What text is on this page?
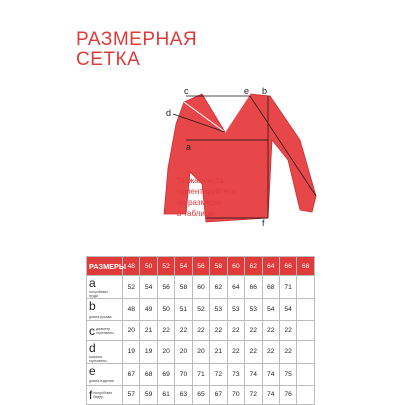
РАЗМЕРНАЯ
СЕТКА
c	e b
d
a
f
*пожалуйста,
ориентируйтесь
на размеры
в таблице
РАЗМЕРЫ	48	50	52	54	56	58	60	62	64	66	68
aполуобхват груди	52	54	56	58	60	62	64	66	68	71	
bдлина рукава	48	49	50	51	52	53	53	53	54	54	
cдиаметр горловины	20	21	22	22	22	22	22	22	22	22	
dширина горловины	19	19	20	20	20	21	22	22	22	22	
eдлина изделия	67	68	69	70	71	72	73	74	74	75	
fполуобхват бедер	57	59	61	63	65	67	70	72	74	76	
